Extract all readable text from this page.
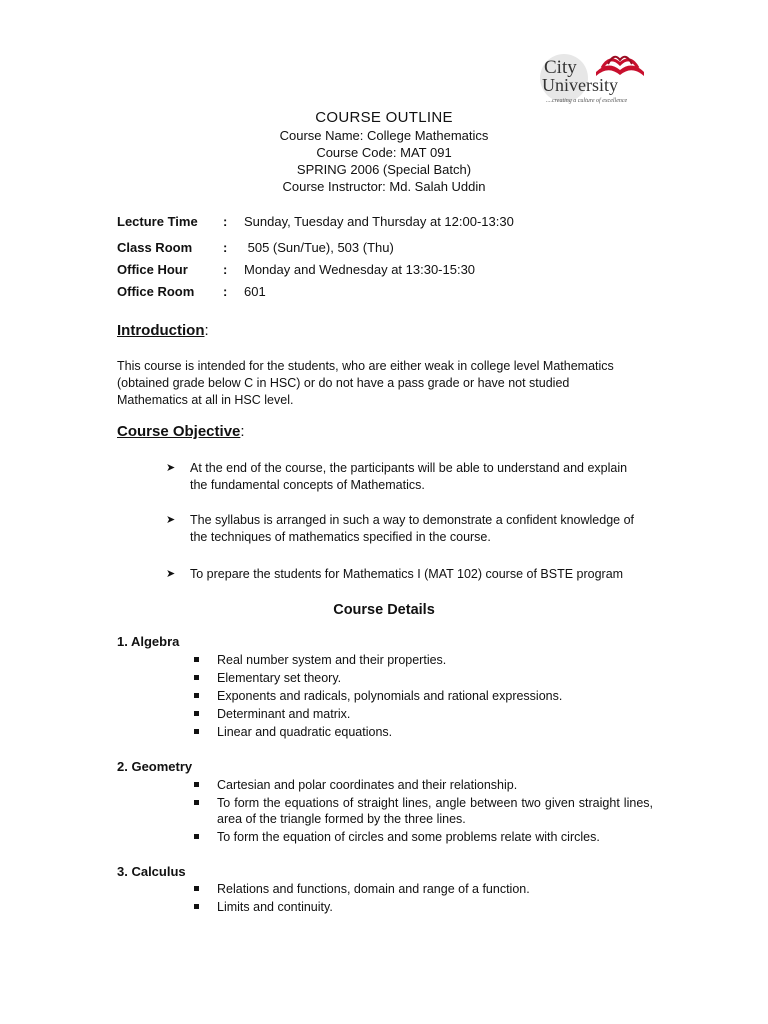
City
University
....creating a culture of excellence
COURSE OUTLINE
Course Name: College Mathematics
Course Code: MAT 091
SPRING 2006 (Special Batch)
Course Instructor: Md. Salah Uddin
Lecture Time : Sunday, Tuesday and Thursday at 12:00-13:30
Class Room : 505 (Sun/Tue), 503 (Thu)
Office Hour	: Monday and Wednesday at 13:30-15:30
Office Room : 601
Introduction:
This course is intended for the students, who are either weak in college level Mathematics
(obtained grade below C in HSC) or do not have a pass grade or have not studied
Mathematics at all in HSC level.
Course Objective:
➤ At the end of the course, the participants will be able to understand and explain
the fundamental concepts of Mathematics.
➤ The syllabus is arranged in such a way to demonstrate a confident knowledge of
the techniques of mathematics specified in the course.
➤ To prepare the students for Mathematics I (MAT 102) course of BSTE program
Course Details
1. Algebra
Real number system and their properties.
Elementary set theory.
Exponents and radicals, polynomials and rational expressions.
Determinant and matrix.
Linear and quadratic equations.
2. Geometry
Cartesian and polar coordinates and their relationship.
To form the equations of straight lines, angle between two given straight lines, area of the triangle formed by the three lines.
To form the equation of circles and some problems relate with circles.
3. Calculus
Relations and functions, domain and range of a function.
Limits and continuity.
